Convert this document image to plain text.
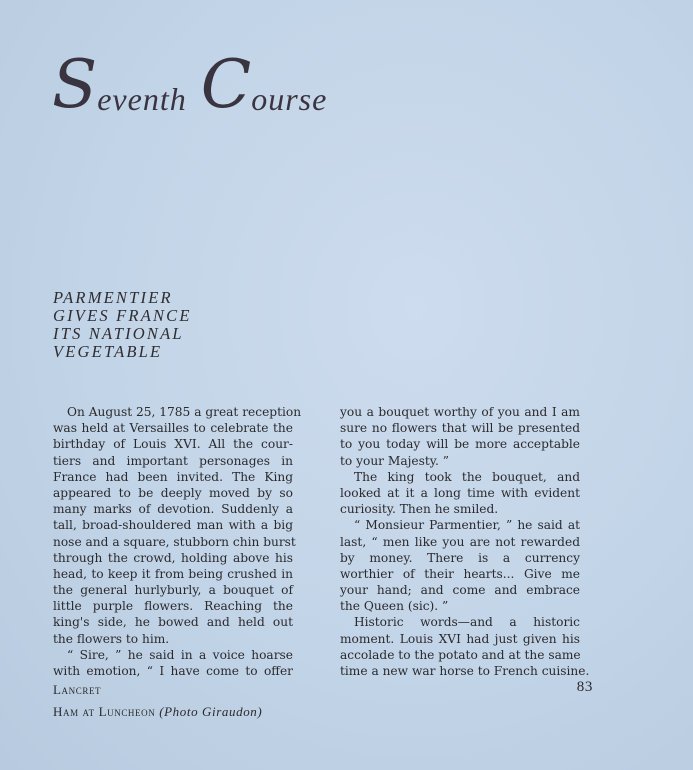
Seventh Course
PARMENTIER
GIVES FRANCE
ITS NATIONAL
VEGETABLE
On August 25, 1785 a great reception
was held at Versailles to celebrate the
birthday of Louis XVI. All the cour-
tiers and important personages in
France had been invited. The King
appeared to be deeply moved by so
many marks of devotion. Suddenly a
tall, broad-shouldered man with a big
nose and a square, stubborn chin burst
through the crowd, holding above his
head, to keep it from being crushed in
the general hurlyburly, a bouquet of
little purple flowers. Reaching the
king's side, he bowed and held out
the flowers to him.
“ Sire, ” he said in a voice hoarse
with emotion, “ I have come to offer
you a bouquet worthy of you and I am
sure no flowers that will be presented
to you today will be more acceptable
to your Majesty. ”
The king took the bouquet, and
looked at it a long time with evident
curiosity. Then he smiled.
“ Monsieur Parmentier, ” he said at
last, “ men like you are not rewarded
by money. There is a currency
worthier of their hearts... Give me
your hand; and come and embrace
the Queen (sic). ”
Historic words—and a historic
moment. Louis XVI had just given his
accolade to the potato and at the same
time a new war horse to French cuisine.
Lancret
Ham at Luncheon (Photo Giraudon)
83
